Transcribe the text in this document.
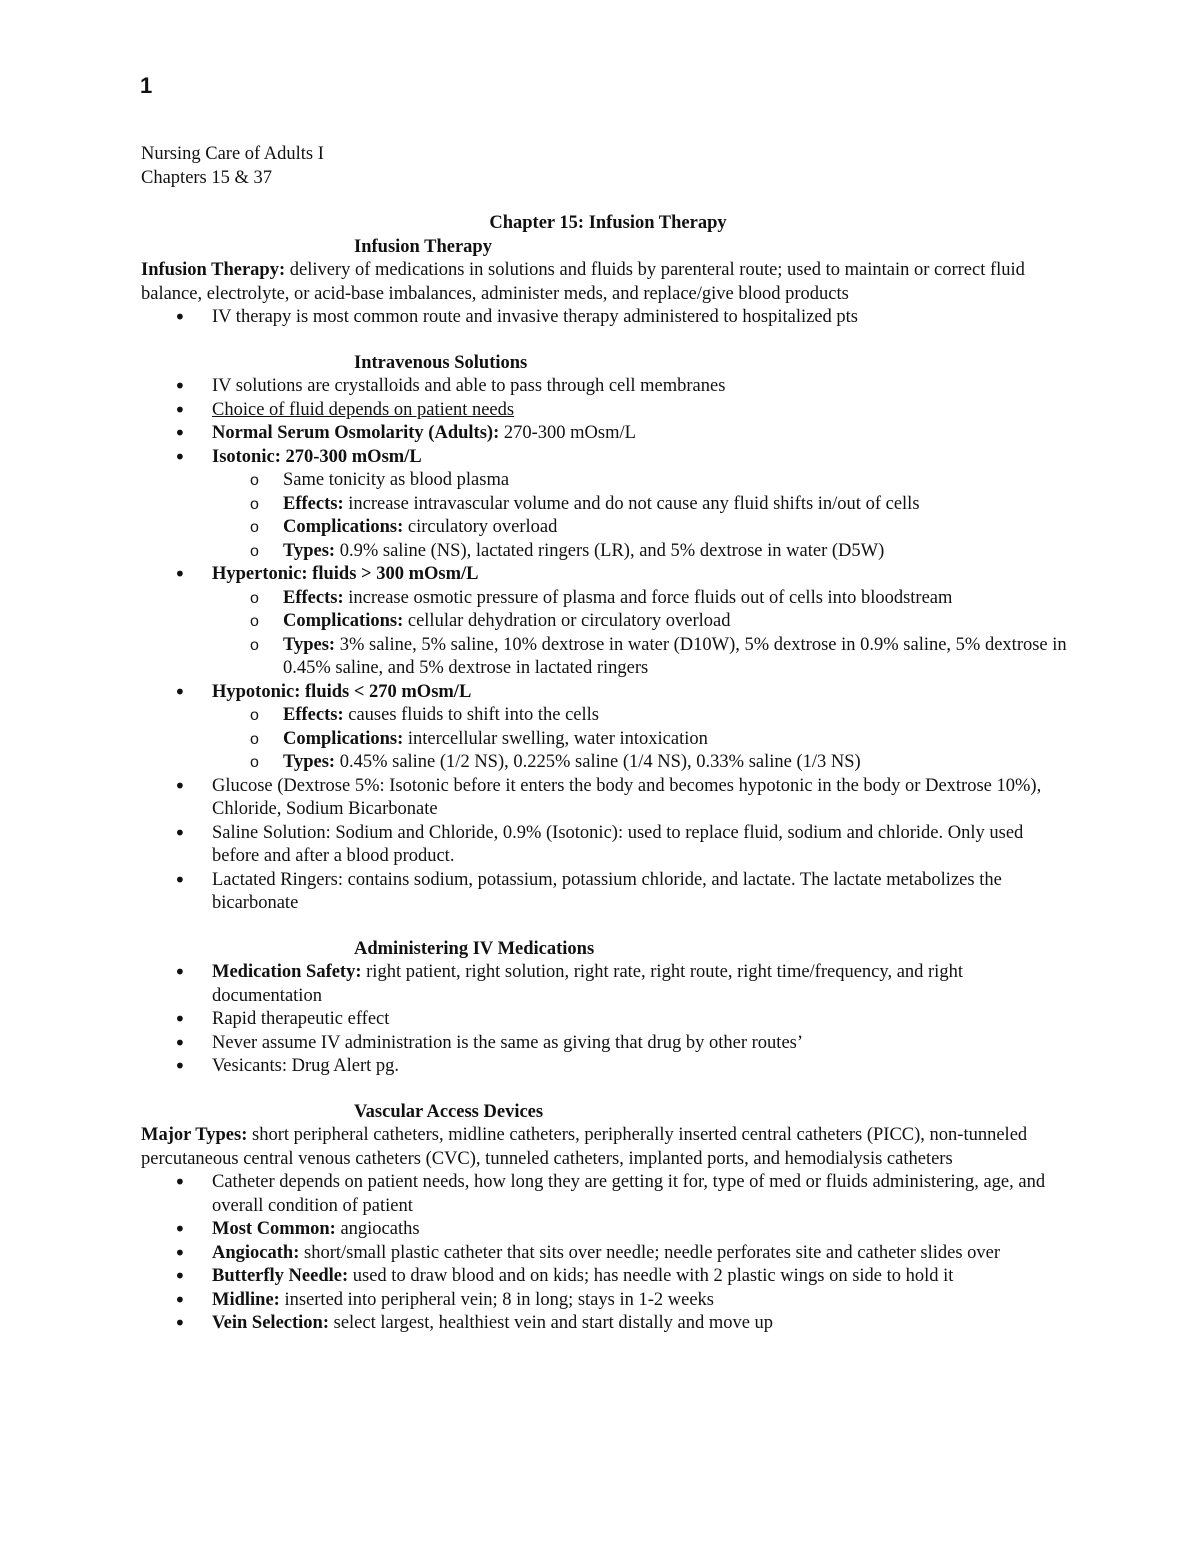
1

Nursing Care of Adults I

Chapters 15 & 37

Chapter 15: Infusion Therapy

Infusion Therapy

Infusion Therapy: delivery of medications in solutions and fluids by parenteral route; used to maintain or correct fluid balance, electrolyte, or acid-base imbalances, administer meds, and replace/give blood products

• IV therapy is most common route and invasive therapy administered to hospitalized pts

Intravenous Solutions

• IV solutions are crystalloids and able to pass through cell membranes
• Choice of fluid depends on patient needs
• Normal Serum Osmolarity (Adults): 270-300 mOsm/L
• Isotonic: 270-300 mOsm/L
o Same tonicity as blood plasma
o Effects: increase intravascular volume and do not cause any fluid shifts in/out of cells
o Complications: circulatory overload
o Types: 0.9% saline (NS), lactated ringers (LR), and 5% dextrose in water (D5W)
• Hypertonic: fluids > 300 mOsm/L
o Effects: increase osmotic pressure of plasma and force fluids out of cells into bloodstream
o Complications: cellular dehydration or circulatory overload
o Types: 3% saline, 5% saline, 10% dextrose in water (D10W), 5% dextrose in 0.9% saline, 5% dextrose in 0.45% saline, and 5% dextrose in lactated ringers
• Hypotonic: fluids < 270 mOsm/L
o Effects: causes fluids to shift into the cells
o Complications: intercellular swelling, water intoxication
o Types: 0.45% saline (1/2 NS), 0.225% saline (1/4 NS), 0.33% saline (1/3 NS)
• Glucose (Dextrose 5%: Isotonic before it enters the body and becomes hypotonic in the body or Dextrose 10%), Chloride, Sodium Bicarbonate
• Saline Solution: Sodium and Chloride, 0.9% (Isotonic): used to replace fluid, sodium and chloride. Only used before and after a blood product.
• Lactated Ringers: contains sodium, potassium, potassium chloride, and lactate. The lactate metabolizes the bicarbonate

Administering IV Medications

• Medication Safety: right patient, right solution, right rate, right route, right time/frequency, and right documentation
• Rapid therapeutic effect
• Never assume IV administration is the same as giving that drug by other routes’
• Vesicants: Drug Alert pg.

Vascular Access Devices

Major Types: short peripheral catheters, midline catheters, peripherally inserted central catheters (PICC), non-tunneled percutaneous central venous catheters (CVC), tunneled catheters, implanted ports, and hemodialysis catheters

• Catheter depends on patient needs, how long they are getting it for, type of med or fluids administering, age, and overall condition of patient
• Most Common: angiocaths
• Angiocath: short/small plastic catheter that sits over needle; needle perforates site and catheter slides over
• Butterfly Needle: used to draw blood and on kids; has needle with 2 plastic wings on side to hold it
• Midline: inserted into peripheral vein; 8 in long; stays in 1-2 weeks
• Vein Selection: select largest, healthiest vein and start distally and move up
